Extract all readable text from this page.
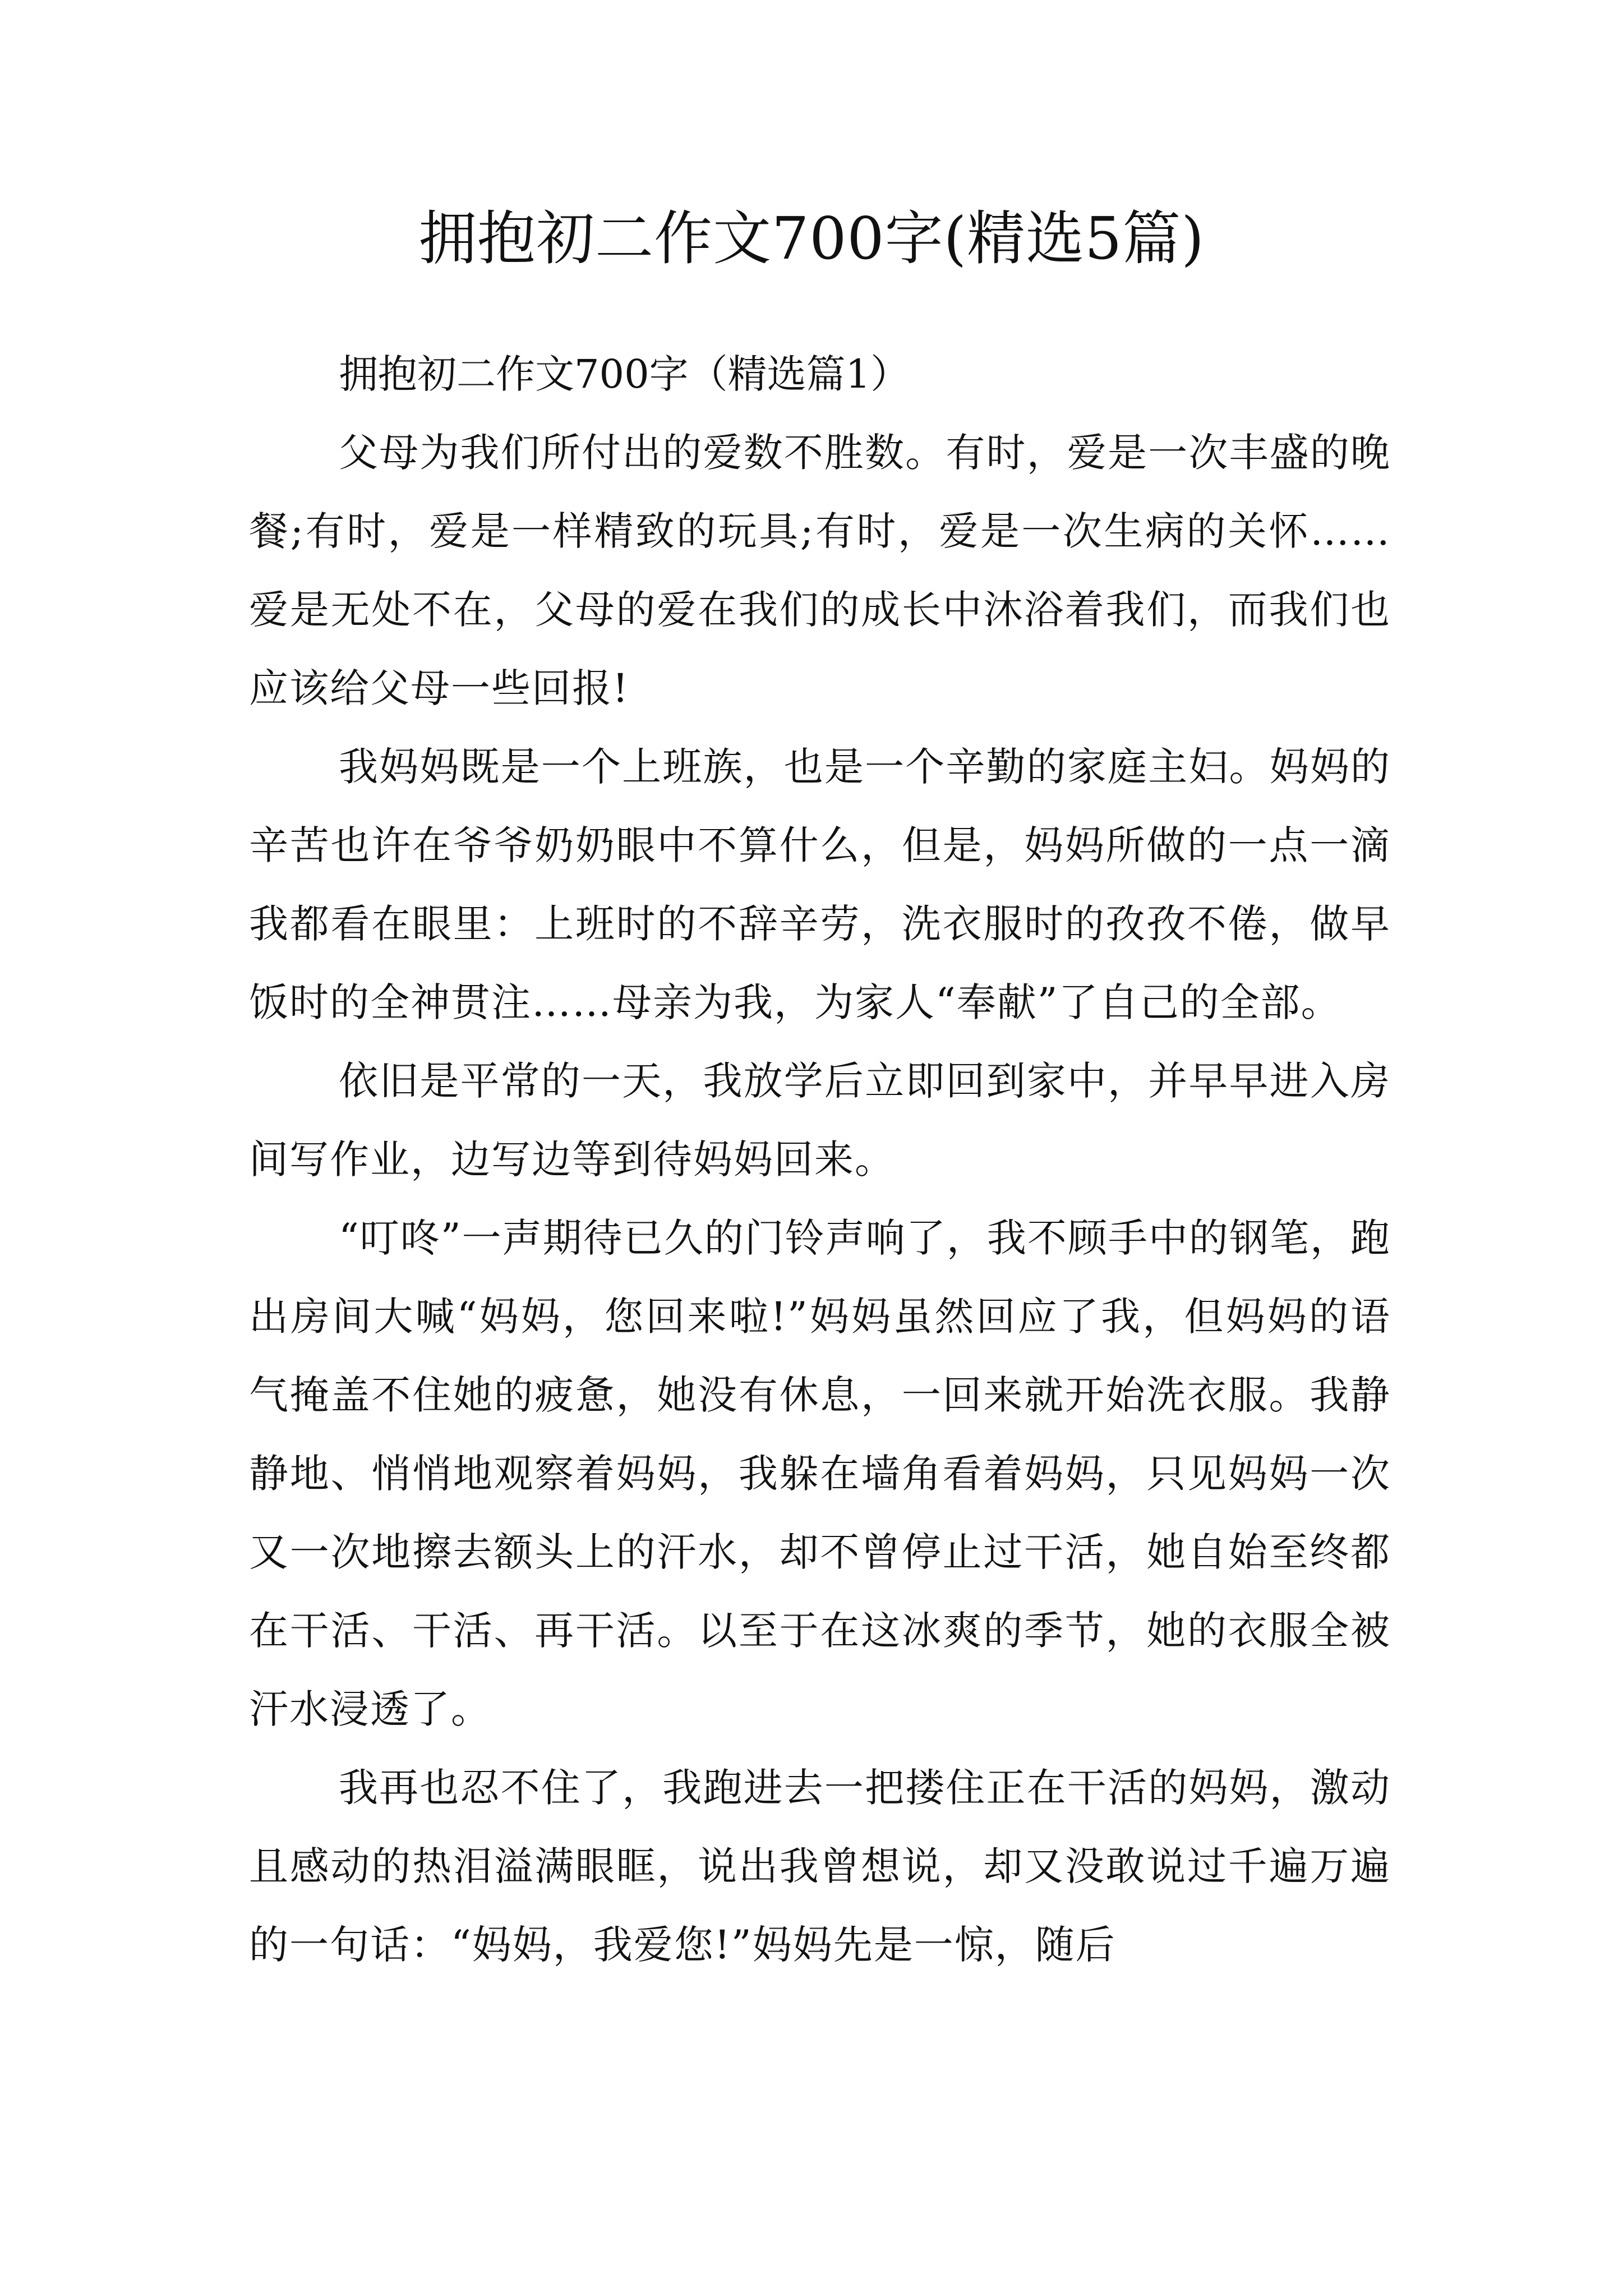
拥抱初二作文700字(精选5篇)

拥抱初二作文700字（精选篇1）

父母为我们所付出的爱数不胜数。有时，爱是一次丰盛的晚餐;有时，爱是一样精致的玩具;有时，爱是一次生病的关怀……爱是无处不在，父母的爱在我们的成长中沐浴着我们，而我们也应该给父母一些回报!

我妈妈既是一个上班族，也是一个辛勤的家庭主妇。妈妈的辛苦也许在爷爷奶奶眼中不算什么，但是，妈妈所做的一点一滴我都看在眼里：上班时的不辞辛劳，洗衣服时的孜孜不倦，做早饭时的全神贯注……母亲为我，为家人“奉献”了自己的全部。

依旧是平常的一天，我放学后立即回到家中，并早早进入房间写作业，边写边等到待妈妈回来。

“叮咚”一声期待已久的门铃声响了，我不顾手中的钢笔，跑出房间大喊“妈妈，您回来啦!”妈妈虽然回应了我，但妈妈的语气掩盖不住她的疲惫，她没有休息，一回来就开始洗衣服。我静静地、悄悄地观察着妈妈，我躲在墙角看着妈妈，只见妈妈一次又一次地擦去额头上的汗水，却不曾停止过干活，她自始至终都在干活、干活、再干活。以至于在这冰爽的季节，她的衣服全被汗水浸透了。

我再也忍不住了，我跑进去一把搂住正在干活的妈妈，激动且感动的热泪溢满眼眶，说出我曾想说，却又没敢说过千遍万遍的一句话：“妈妈，我爱您!”妈妈先是一惊，随后
